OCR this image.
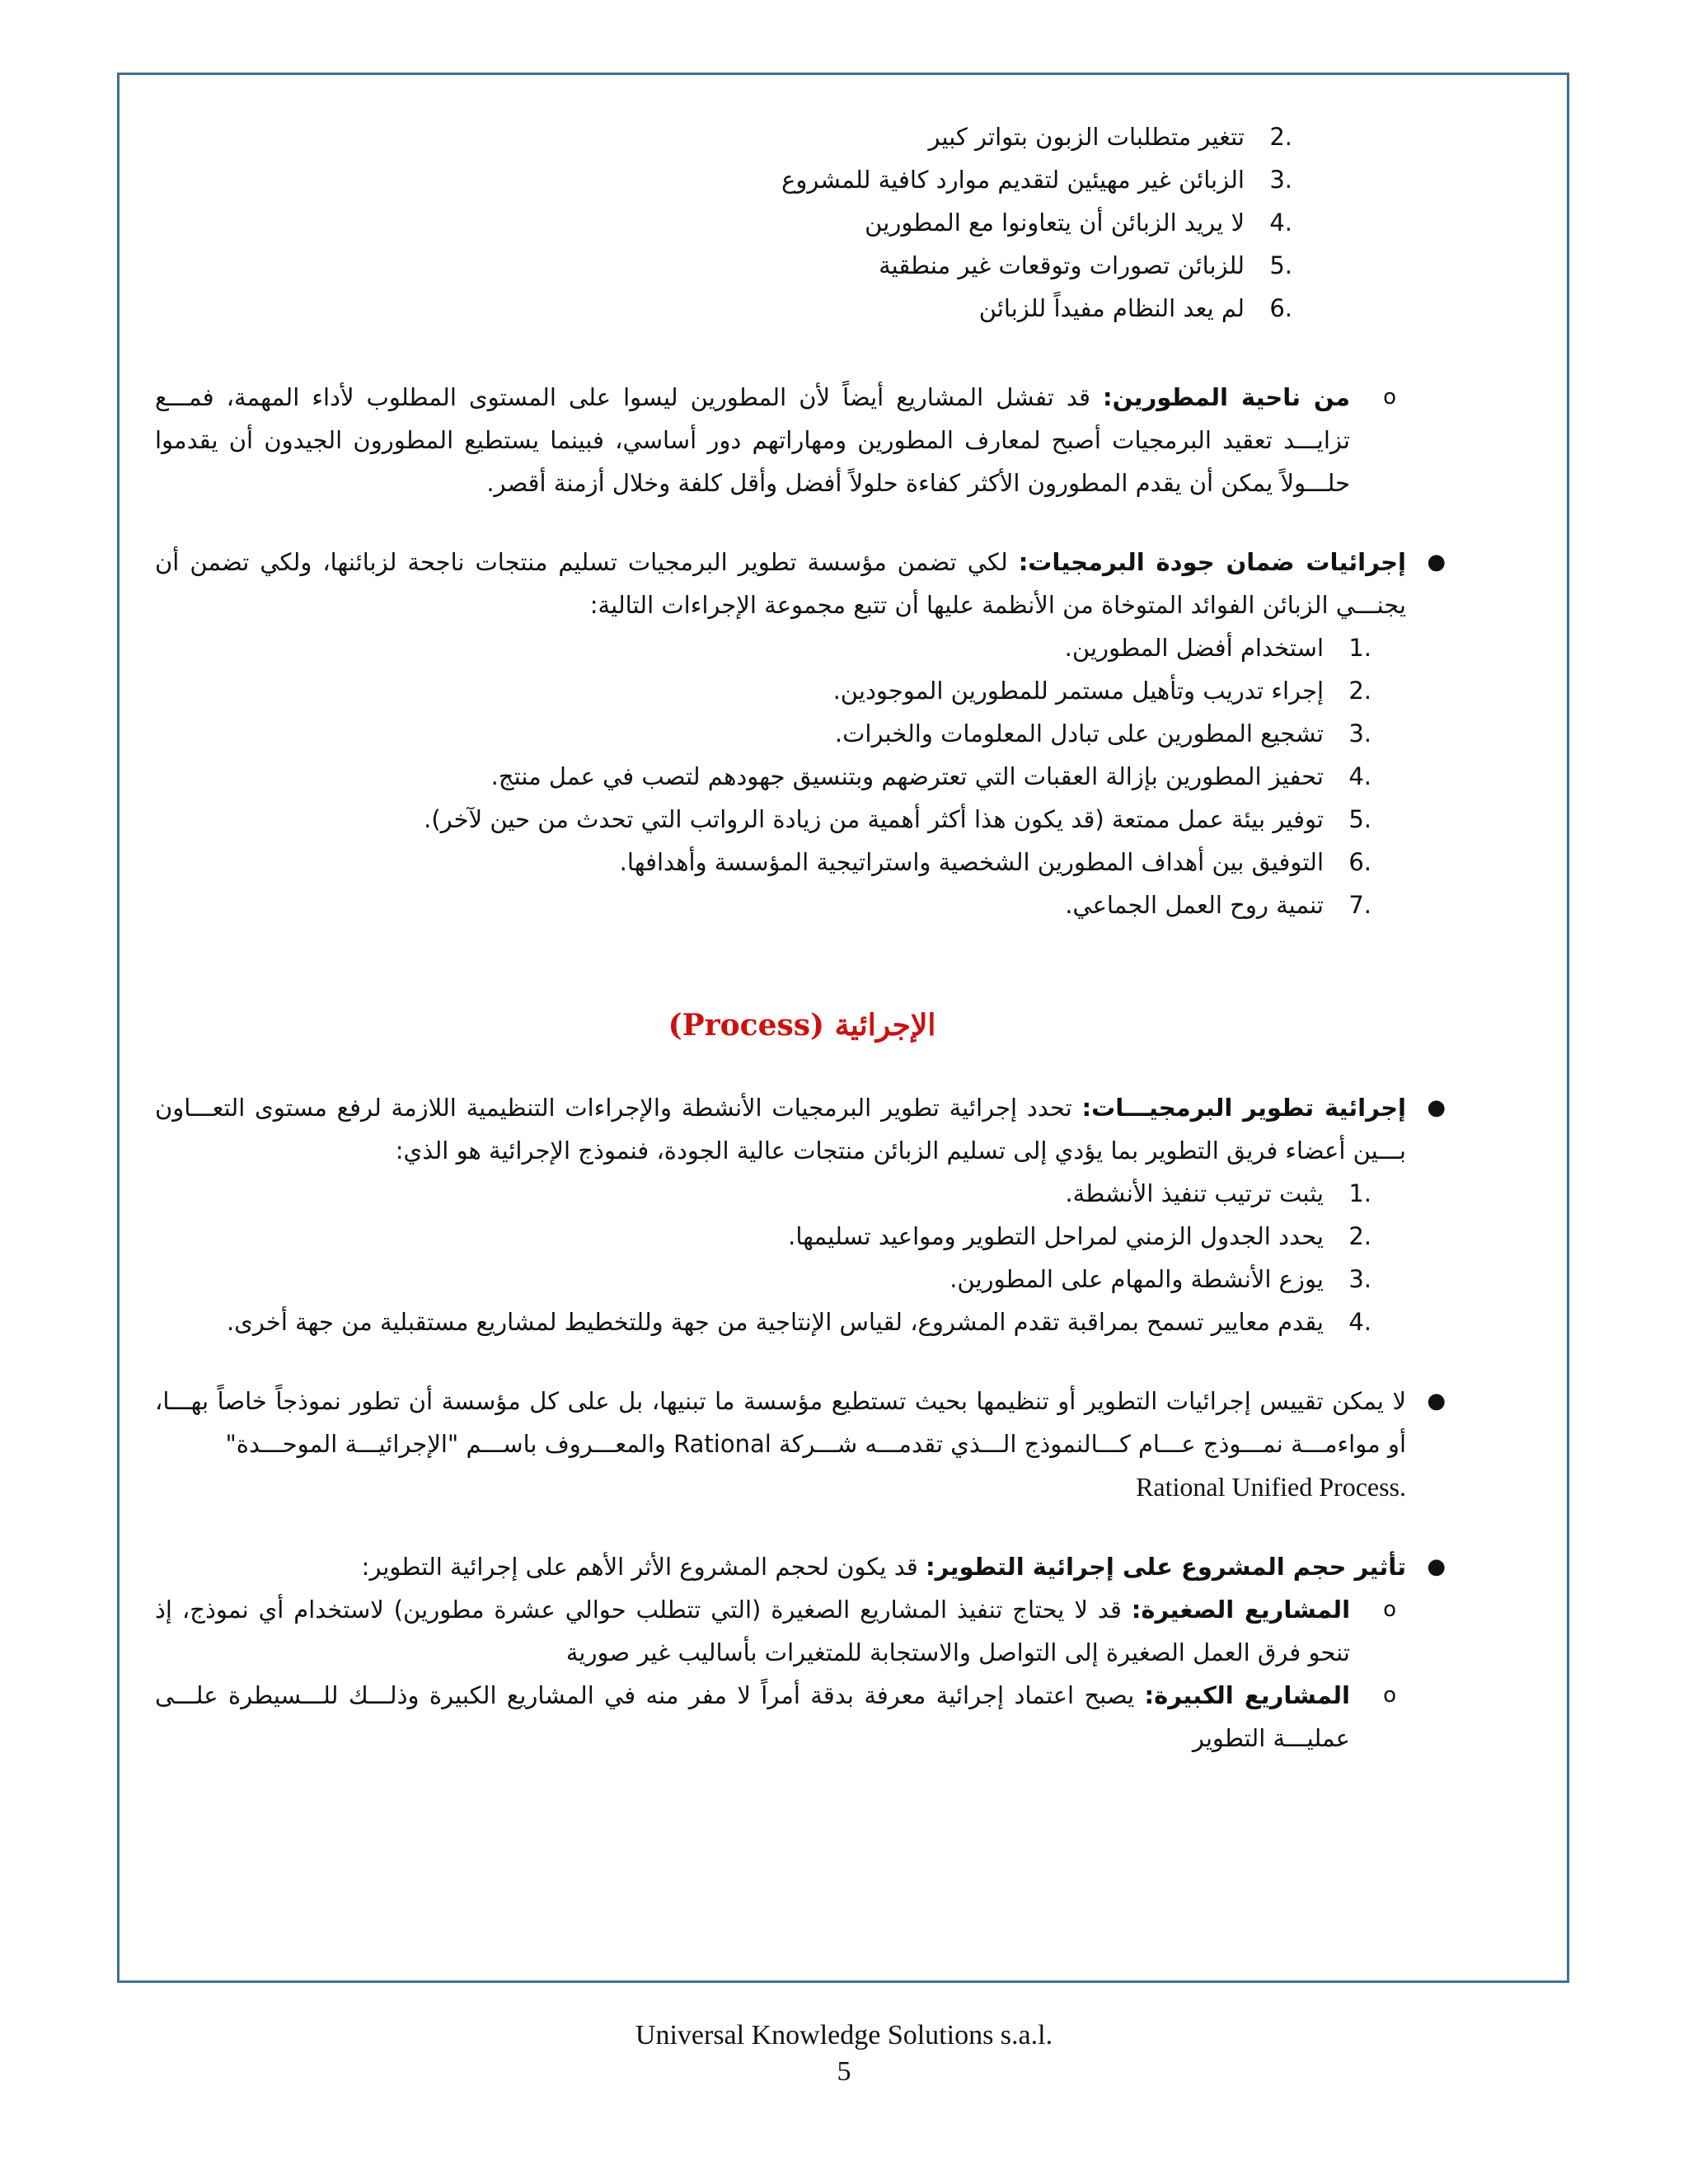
2.
تتغير متطلبات الزبون بتواتر كبير
3.
الزبائن غير مهيئين لتقديم موارد كافية للمشروع
4.
لا يريد الزبائن أن يتعاونوا مع المطورين
5.
للزبائن تصورات وتوقعات غير منطقية
6.
لم يعد النظام مفيداً للزبائن
o
من ناحية المطورين: قد تفشل المشاريع أيضاً لأن المطورين ليسوا على المستوى المطلوب لأداء المهمة، فمـــع تزايـــد تعقيد البرمجيات أصبح لمعارف المطورين ومهاراتهم دور أساسي، فبينما يستطيع المطورون الجيدون أن يقدموا حلـــولاً يمكن أن يقدم المطورون الأكثر كفاءة حلولاً أفضل وأقل كلفة وخلال أزمنة أقصر.
●
إجرائيات ضمان جودة البرمجيات: لكي تضمن مؤسسة تطوير البرمجيات تسليم منتجات ناجحة لزبائنها، ولكي تضمن أن يجنـــي الزبائن الفوائد المتوخاة من الأنظمة عليها أن تتبع مجموعة الإجراءات التالية:
1.
استخدام أفضل المطورين.
2.
إجراء تدريب وتأهيل مستمر للمطورين الموجودين.
3.
تشجيع المطورين على تبادل المعلومات والخبرات.
4.
تحفيز المطورين بإزالة العقبات التي تعترضهم وبتنسيق جهودهم لتصب في عمل منتج.
5.
توفير بيئة عمل ممتعة (قد يكون هذا أكثر أهمية من زيادة الرواتب التي تحدث من حين لآخر).
6.
التوفيق بين أهداف المطورين الشخصية واستراتيجية المؤسسة وأهدافها.
7.
تنمية روح العمل الجماعي.
الإجرائية (Process)
●
إجرائية تطوير البرمجيـــات: تحدد إجرائية تطوير البرمجيات الأنشطة والإجراءات التنظيمية اللازمة لرفع مستوى التعـــاون بـــين أعضاء فريق التطوير بما يؤدي إلى تسليم الزبائن منتجات عالية الجودة، فنموذج الإجرائية هو الذي:
1.
يثبت ترتيب تنفيذ الأنشطة.
2.
يحدد الجدول الزمني لمراحل التطوير ومواعيد تسليمها.
3.
يوزع الأنشطة والمهام على المطورين.
4.
يقدم معايير تسمح بمراقبة تقدم المشروع، لقياس الإنتاجية من جهة وللتخطيط لمشاريع مستقبلية من جهة أخرى.
●
لا يمكن تقييس إجرائيات التطوير أو تنظيمها بحيث تستطيع مؤسسة ما تبنيها، بل على كل مؤسسة أن تطور نموذجاً خاصاً بهـــا، أو مواءمـــة نمـــوذج عـــام كـــالنموذج الـــذي تقدمـــه شـــركة Rational والمعـــروف باســـم "الإجرائيـــة الموحـــدة"
.Rational Unified Process
●
تأثير حجم المشروع على إجرائية التطوير: قد يكون لحجم المشروع الأثر الأهم على إجرائية التطوير:
o
المشاريع الصغيرة: قد لا يحتاج تنفيذ المشاريع الصغيرة (التي تتطلب حوالي عشرة مطورين) لاستخدام أي نموذج، إذ تنحو فرق العمل الصغيرة إلى التواصل والاستجابة للمتغيرات بأساليب غير صورية
o
المشاريع الكبيرة: يصبح اعتماد إجرائية معرفة بدقة أمراً لا مفر منه في المشاريع الكبيرة وذلـــك للـــسيطرة علـــى عمليـــة التطوير
Universal Knowledge Solutions s.a.l.
5
